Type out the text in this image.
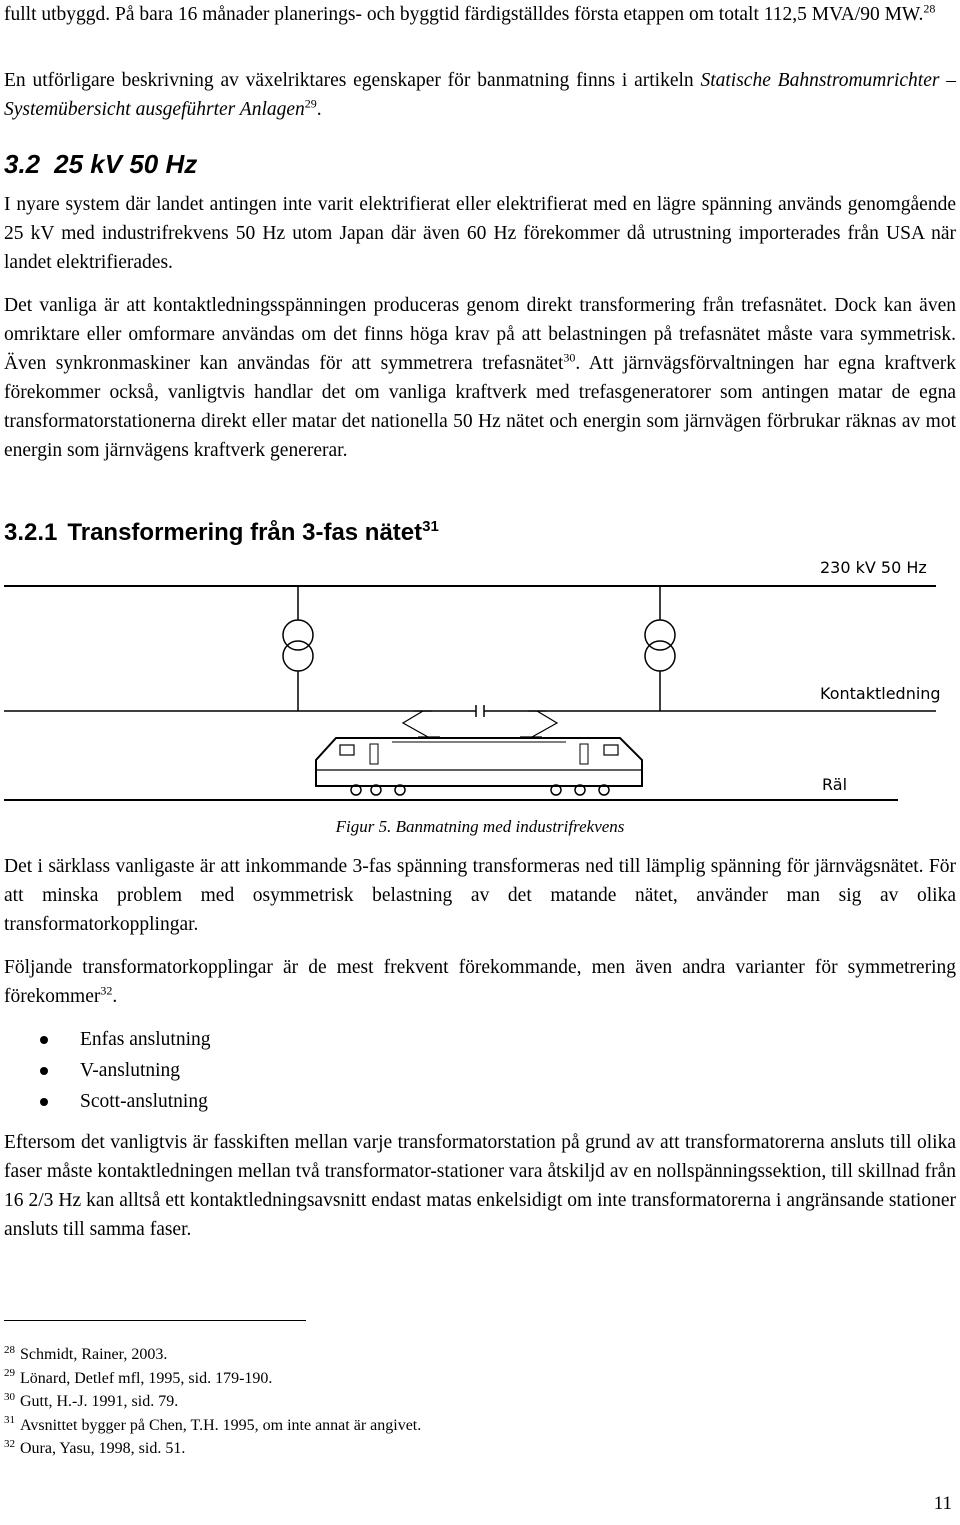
fullt utbyggd. På bara 16 månader planerings- och byggtid färdigställdes första etappen om totalt 112,5 MVA/90 MW.$^{28}$

En utförligare beskrivning av växelriktares egenskaper för banmatning finns i artikeln Statische Bahnstromumrichter – Systemübersicht ausgeführter Anlagen$^{29}$.

3.2 25 kV 50 Hz

I nyare system där landet antingen inte varit elektrifierat eller elektrifierat med en lägre spänning används genomgående 25 kV med industrifrekvens 50 Hz utom Japan där även 60 Hz förekommer då utrustning importerades från USA när landet elektrifierades.

Det vanliga är att kontaktledningsspänningen produceras genom direkt transformering från trefasnätet. Dock kan även omriktare eller omformare användas om det finns höga krav på att belastningen på trefasnätet måste vara symmetrisk. Även synkronmaskiner kan användas för att symmetrera trefasnätet$^{30}$. Att järnvägsförvaltningen har egna kraftverk förekommer också, vanligtvis handlar det om vanliga kraftverk med trefasgeneratorer som antingen matar de egna transformatorstationerna direkt eller matar det nationella 50 Hz nätet och energin som järnvägen förbrukar räknas av mot energin som järnvägens kraftverk genererar.

3.2.1 Transformering från 3-fas nätet$^{31}$
230 kV 50 Hz
Kontaktledning
Räl
Figur 5. Banmatning med industrifrekvens

Det i särklass vanligaste är att inkommande 3-fas spänning transformeras ned till lämplig spänning för järnvägsnätet. För att minska problem med osymmetrisk belastning av det matande nätet, använder man sig av olika transformatorkopplingar.

Följande transformatorkopplingar är de mest frekvent förekommande, men även andra varianter för symmetrering förekommer$^{32}$.

Enfas anslutning
V-anslutning
Scott-anslutning

Eftersom det vanligtvis är fasskiften mellan varje transformatorstation på grund av att transformatorerna ansluts till olika faser måste kontaktledningen mellan två transformator-stationer vara åtskiljd av en nollspänningssektion, till skillnad från 16 2/3 Hz kan alltså ett kontaktledningsavsnitt endast matas enkelsidigt om inte transformatorerna i angränsande stationer ansluts till samma faser.

$^{28}$ Schmidt, Rainer, 2003.
$^{29}$ Lönard, Detlef mfl, 1995, sid. 179-190.
$^{30}$ Gutt, H.-J. 1991, sid. 79.
$^{31}$ Avsnittet bygger på Chen, T.H. 1995, om inte annat är angivet.
$^{32}$ Oura, Yasu, 1998, sid. 51.
11
